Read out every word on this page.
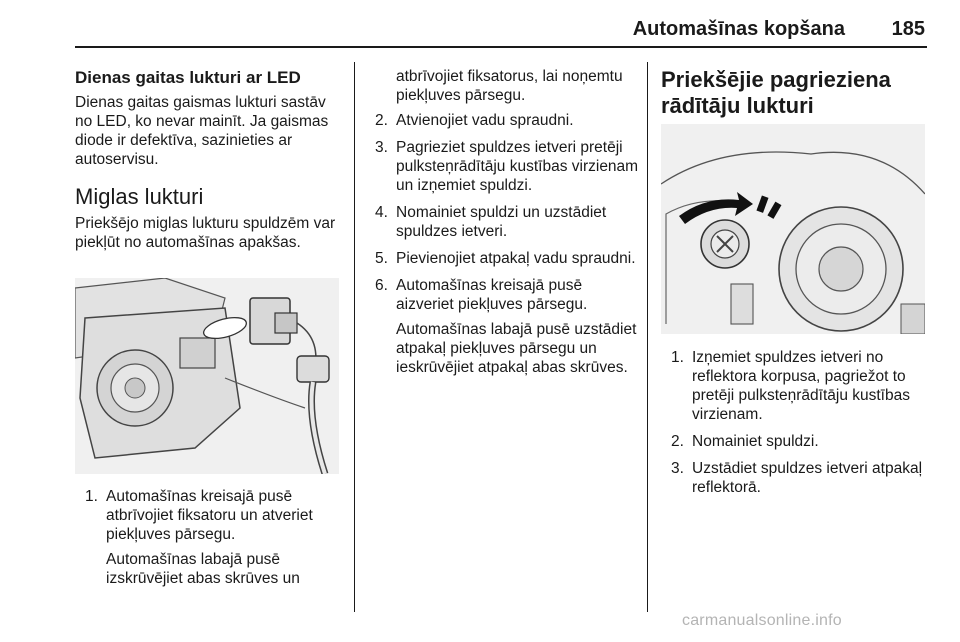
Automašīnas kopšana	185

Dienas gaitas lukturi ar LED

Dienas gaitas gaismas lukturi sastāv no LED, ko nevar mainīt. Ja gaismas diode ir defektīva, sazinieties ar autoservisu.

Miglas lukturi

Priekšējo miglas lukturu spuldzēm var piekļūt no automašīnas apakšas.

1. Automašīnas kreisajā pusē atbrīvojiet fiksatoru un atveriet piekļuves pārsegu.
Automašīnas labajā pusē izskrūvējiet abas skrūves un

atbrīvojiet fiksatorus, lai noņemtu piekļuves pārsegu.

2. Atvienojiet vadu spraudni.
3. Pagrieziet spuldzes ietveri pretēji pulksteņrādītāju kustības virzienam un izņemiet spuldzi.
4. Nomainiet spuldzi un uzstādiet spuldzes ietveri.
5. Pievienojiet atpakaļ vadu spraudni.
6. Automašīnas kreisajā pusē aizveriet piekļuves pārsegu.
Automašīnas labajā pusē uzstādiet atpakaļ piekļuves pārsegu un ieskrūvējiet atpakaļ abas skrūves.

Priekšējie pagrieziena rādītāju lukturi

1. Izņemiet spuldzes ietveri no reflektora korpusa, pagriežot to pretēji pulksteņrādītāju kustības virzienam.
2. Nomainiet spuldzi.
3. Uzstādiet spuldzes ietveri atpakaļ reflektorā.
carmanualsonline.info
